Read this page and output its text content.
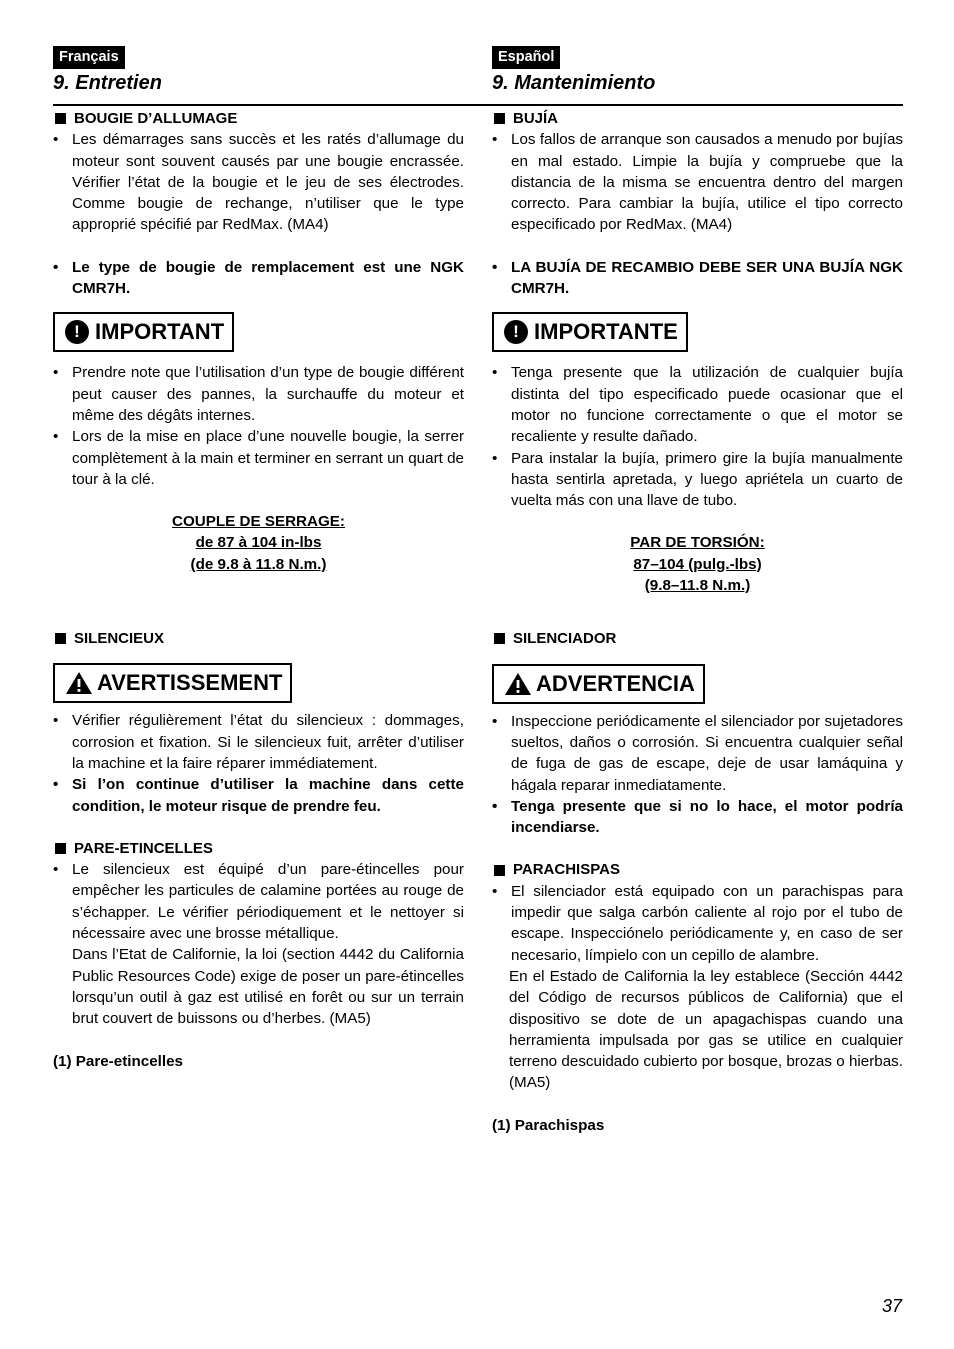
Français
9. Entretien
BOUGIE D’ALLUMAGE
• Les démarrages sans succès et les ratés d’allumage du moteur sont souvent causés par une bougie encrassée. Vérifier l’état de la bougie et le jeu de ses électrodes. Comme bougie de rechange, n’utiliser que le type approprié spécifié par RedMax. (MA4)
• Le type de bougie de remplacement est une NGK CMR7H.
! IMPORTANT
• Prendre note que l’utilisation d’un type de bougie différent peut causer des pannes, la surchauffe du moteur et même des dégâts internes.
• Lors de la mise en place d’une nouvelle bougie, la serrer complètement à la main et terminer en serrant un quart de tour à la clé.
COUPLE DE SERRAGE:
de 87 à 104 in-lbs
(de 9.8 à 11.8 N.m.)
SILENCIEUX
AVERTISSEMENT
• Vérifier régulièrement l’état du silencieux : dommages, corrosion et fixation. Si le silencieux fuit, arrêter d’utiliser la machine et la faire réparer immédiatement.
• Si l’on continue d’utiliser la machine dans cette condition, le moteur risque de prendre feu.
PARE-ETINCELLES
• Le silencieux est équipé d’un pare-étincelles pour empêcher les particules de calamine portées au rouge de s’échapper. Le vérifier périodiquement et le nettoyer si nécessaire avec une brosse métallique.
Dans l’Etat de Californie, la loi (section 4442 du California Public Resources Code) exige de poser un pare-étincelles lorsqu’un outil à gaz est utilisé en forêt ou sur un terrain brut couvert de buissons ou d’herbes. (MA5)
(1) Pare-etincelles
Español
9. Mantenimiento
BUJÍA
• Los fallos de arranque son causados a menudo por bujías en mal estado. Limpie la bujía y compruebe que la distancia de la misma se encuentra dentro del margen correcto. Para cambiar la bujía, utilice el tipo correcto especificado por RedMax. (MA4)
• LA BUJÍA DE RECAMBIO DEBE SER UNA BUJÍA NGK CMR7H.
! IMPORTANTE
• Tenga presente que la utilización de cualquier bujía distinta del tipo especificado puede ocasionar que el motor no funcione correctamente o que el motor se recaliente y resulte dañado.
• Para instalar la bujía, primero gire la bujía manualmente hasta sentirla apretada, y luego apriétela un cuarto de vuelta más con una llave de tubo.
PAR DE TORSIÓN:
87–104 (pulg.-lbs)
(9.8–11.8 N.m.)
SILENCIADOR
ADVERTENCIA
• Inspeccione periódicamente el silenciador por sujetadores sueltos, daños o corrosión. Si encuentra cualquier señal de fuga de gas de escape, deje de usar lamáquina y hágala reparar inmediatamente.
• Tenga presente que si no lo hace, el motor podría incendiarse.
PARACHISPAS
• El silenciador está equipado con un parachispas para impedir que salga carbón caliente al rojo por el tubo de escape. Inspecciónelo periódicamente y, en caso de ser necesario, límpielo con un cepillo de alambre.
En el Estado de California la ley establece (Sección 4442 del Código de recursos públicos de California) que el dispositivo se dote de un apagachispas cuando una herramienta impulsada por gas se utilice en cualquier terreno descuidado cubierto por bosque, brozas o hierbas. (MA5)
(1) Parachispas
37
